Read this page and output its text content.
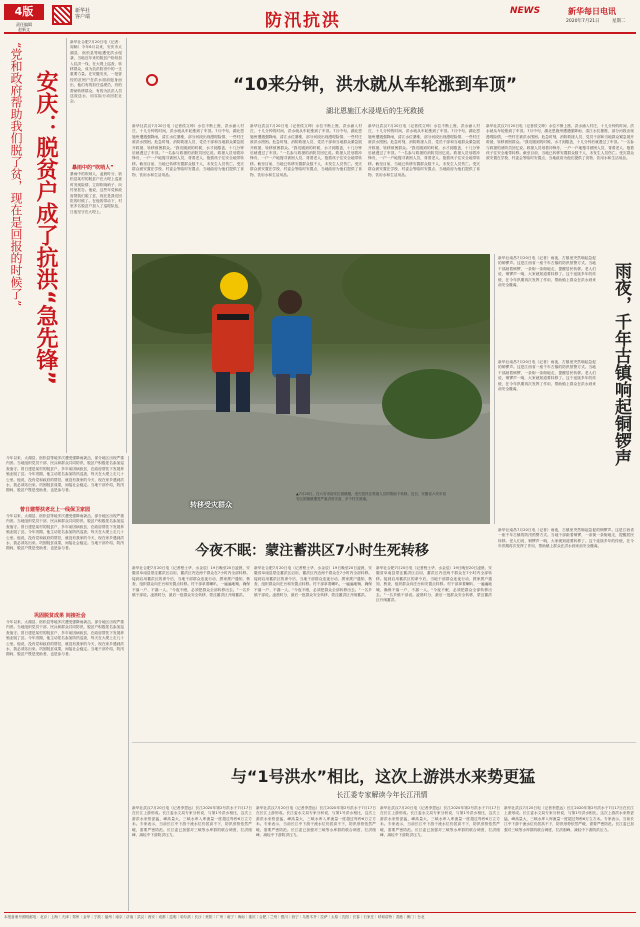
4版
责任编辑
赵新文
新华社
客户端	防汛抗洪	NEWS	新华每日电讯
2020年7月21日	星期二
“党和政府帮助我们脱了贫，现在是回报的时候了” 安庆：脱贫户成了抗洪“急先锋”
新华社合肥7月20日电（记者：周畅）今年6月以来，安庆市太湖县、宿松县等地遭受洪水侵袭，当地近年来的脱贫户纷纷加入抗洪一线，在大堤上巡查、转移群众，成为抗洪防汛中的一支重要力量。在安徽安庆，一批曾经的贫困户在洪水面前挺身而出，他们有的担任巡堤员，有的帮助转移群众，有的为抗洪人员送饭送水，用实际行动回报社会。
暴雨中的“吹哨人”
暴雨中的吹哨人，凌晨时分，宿松县某村的脱贫户在大堤上巡查时发现险情，立即吹响哨子，向村里报告。他说，这些年党和政府帮我们脱了贫，现在是我们回报的时候了。在他的带动下，村里多名脱贫户加入了巡堤队伍，日夜坚守在大堤上。
今年以来，太湖县、宿松县等地多次遭受强降雨袭击，部分地区出现严重内涝。当地组织党员干部、民兵和群众共同防汛，脱贫户积极报名参加巡查值守。曾日建是某村的脱贫户，多年前因病致贫，在政府帮扶下发展养殖业脱了贫。今年汛期，他主动报名参加防汛巡查，每天在大堤上走几十公里。他说，没有党和政府的帮扶，就没有我家的今天，现在家乡遇到洪水，我必须站出来。巩固脱贫成果，间接社会稳定。当地干部介绍，防汛期间，脱贫户既是受助者，也是参与者。
曾日建帮扶老北上一线保卫家园
今年以来，太湖县、宿松县等地多次遭受强降雨袭击，部分地区出现严重内涝。当地组织党员干部、民兵和群众共同防汛，脱贫户积极报名参加巡查值守。曾日建是某村的脱贫户，多年前因病致贫，在政府帮扶下发展养殖业脱了贫。今年汛期，他主动报名参加防汛巡查，每天在大堤上走几十公里。他说，没有党和政府的帮扶，就没有我家的今天，现在家乡遇到洪水，我必须站出来。巩固脱贫成果，间接社会稳定。当地干部介绍，防汛期间，脱贫户既是受助者，也是参与者。
巩固脱贫成果 间接社会
今年以来，太湖县、宿松县等地多次遭受强降雨袭击，部分地区出现严重内涝。当地组织党员干部、民兵和群众共同防汛，脱贫户积极报名参加巡查值守。曾日建是某村的脱贫户，多年前因病致贫，在政府帮扶下发展养殖业脱了贫。今年汛期，他主动报名参加防汛巡查，每天在大堤上走几十公里。他说，没有党和政府的帮扶，就没有我家的今天，现在家乡遇到洪水，我必须站出来。巩固脱贫成果，间接社会稳定。当地干部介绍，防汛期间，脱贫户既是受助者，也是参与者。
“10来分钟，洪水就从车轮涨到车顶”
湖北恩施江水浸堤后的生死救援
新华社武汉7月20日电（记者侯文坤）水位不断上涨，洪水涌入村庄，十几分钟的时间，洪水就从车轮涨到了车顶。7月中旬，湖北恩施州遭遇强降雨，清江水位暴涨，部分河段出现漫堤险情，一些村庄被洪水围困。危急时刻，消防救援人员、党员干部和当地群众紧急展开救援，转移被困群众。“我们刚到的时候，水才到膝盖，十几分钟后就漫过了车顶。”一名参与救援的消防员回忆说。救援人员划着冲锋舟，一户一户地搜寻被困人员，背着老人、抱着孩子往安全地带转移。截至目前，当地已转移安置群众数千人，未发生人员伤亡。受灾群众被安置在学校、村委会等临时安置点，当地政府为他们提供了食物、饮用水和生活用品。
新华社武汉7月20日电（记者侯文坤）水位不断上涨，洪水涌入村庄，十几分钟的时间，洪水就从车轮涨到了车顶。7月中旬，湖北恩施州遭遇强降雨，清江水位暴涨，部分河段出现漫堤险情，一些村庄被洪水围困。危急时刻，消防救援人员、党员干部和当地群众紧急展开救援，转移被困群众。“我们刚到的时候，水才到膝盖，十几分钟后就漫过了车顶。”一名参与救援的消防员回忆说。救援人员划着冲锋舟，一户一户地搜寻被困人员，背着老人、抱着孩子往安全地带转移。截至目前，当地已转移安置群众数千人，未发生人员伤亡。受灾群众被安置在学校、村委会等临时安置点，当地政府为他们提供了食物、饮用水和生活用品。
新华社武汉7月20日电（记者侯文坤）水位不断上涨，洪水涌入村庄，十几分钟的时间，洪水就从车轮涨到了车顶。7月中旬，湖北恩施州遭遇强降雨，清江水位暴涨，部分河段出现漫堤险情，一些村庄被洪水围困。危急时刻，消防救援人员、党员干部和当地群众紧急展开救援，转移被困群众。“我们刚到的时候，水才到膝盖，十几分钟后就漫过了车顶。”一名参与救援的消防员回忆说。救援人员划着冲锋舟，一户一户地搜寻被困人员，背着老人、抱着孩子往安全地带转移。截至目前，当地已转移安置群众数千人，未发生人员伤亡。受灾群众被安置在学校、村委会等临时安置点，当地政府为他们提供了食物、饮用水和生活用品。
新华社武汉7月20日电（记者侯文坤）水位不断上涨，洪水涌入村庄，十几分钟的时间，洪水就从车轮涨到了车顶。7月中旬，湖北恩施州遭遇强降雨，清江水位暴涨，部分河段出现漫堤险情，一些村庄被洪水围困。危急时刻，消防救援人员、党员干部和当地群众紧急展开救援，转移被困群众。“我们刚到的时候，水才到膝盖，十几分钟后就漫过了车顶。”一名参与救援的消防员回忆说。救援人员划着冲锋舟，一户一户地搜寻被困人员，背着老人、抱着孩子往安全地带转移。截至目前，当地已转移安置群众数千人，未发生人员伤亡。受灾群众被安置在学校、村委会等临时安置点，当地政府为他们提供了食物、饮用水和生活用品。
转移受灾群众
▲7月20日，在六安市裕安区固镇镇，受灾居民在救援人员的帮助下转移。近日，安徽省六安市裕安区固镇镇遭受严重洪涝灾害，多个村庄被淹。
新华社南昌7月20日电（记者）雨夜，古镇里突然响起急促的铜锣声。这是江西省一座千年古镇的防汛预警方式。当地干部敲着铜锣，一条街一条街地走，提醒居民转移。老人们说，铜锣声一响，大家就知道要转移了。这个延续多年的传统，在今年汛期再次发挥了作用，帮助镇上群众在洪水到来前安全撤离。	雨夜，千年古镇响起铜锣声
新华社南昌7月20日电（记者）雨夜，古镇里突然响起急促的铜锣声。这是江西省一座千年古镇的防汛预警方式。当地干部敲着铜锣，一条街一条街地走，提醒居民转移。老人们说，铜锣声一响，大家就知道要转移了。这个延续多年的传统，在今年汛期再次发挥了作用，帮助镇上群众在洪水到来前安全撤离。
新华社南昌7月20日电（记者）雨夜，古镇里突然响起急促的铜锣声。这是江西省一座千年古镇的防汛预警方式。当地干部敲着铜锣，一条街一条街地走，提醒居民转移。老人们说，铜锣声一响，大家就知道要转移了。这个延续多年的传统，在今年汛期再次发挥了作用，帮助镇上群众在洪水到来前安全撤离。
今夜不眠：蒙注蓄洪区7小时生死转移
新华社合肥7月20日电（记者程士华、水金辰）19日晚至20日凌晨，安徽省阜南县蒙洼蓄洪区启用，蓄洪区内近两千群众在7小时内全部转移。接到启用蓄洪区的命令后，当地干部群众连夜行动，挨家挨户通知、核查，组织群众向庄台和安置点转移。村干部拿着喇叭，一遍遍地喊，确保不落一户、不漏一人。“今夜不眠，必须把群众全部转移出去。”一名乡镇干部说。凌晨时分，最后一批群众安全转移，蒙洼蓄洪区开闸蓄洪。
新华社合肥7月20日电（记者程士华、水金辰）19日晚至20日凌晨，安徽省阜南县蒙洼蓄洪区启用，蓄洪区内近两千群众在7小时内全部转移。接到启用蓄洪区的命令后，当地干部群众连夜行动，挨家挨户通知、核查，组织群众向庄台和安置点转移。村干部拿着喇叭，一遍遍地喊，确保不落一户、不漏一人。“今夜不眠，必须把群众全部转移出去。”一名乡镇干部说。凌晨时分，最后一批群众安全转移，蒙洼蓄洪区开闸蓄洪。
新华社合肥7月20日电（记者程士华、水金辰）19日晚至20日凌晨，安徽省阜南县蒙洼蓄洪区启用，蓄洪区内近两千群众在7小时内全部转移。接到启用蓄洪区的命令后，当地干部群众连夜行动，挨家挨户通知、核查，组织群众向庄台和安置点转移。村干部拿着喇叭，一遍遍地喊，确保不落一户、不漏一人。“今夜不眠，必须把群众全部转移出去。”一名乡镇干部说。凌晨时分，最后一批群众安全转移，蒙洼蓄洪区开闸蓄洪。
与“1号洪水”相比，这次上游洪水来势更猛
长江委专家解读今年长江汛情
新华社武汉7月20日电（记者李思远）长江2020年第2号洪水于7月17日在长江上游形成。长江委水文局专家分析说，与第1号洪水相比，这次上游洪水来势更猛，峰高量大，三峡水库入库流量一度超过每秒6万立方米。专家表示，当前长江中下游干流水位仍居高不下，防汛形势依然严峻，需要严密防范。长江委已加强对三峡等水库群的联合调度，拦洪削峰，减轻中下游防洪压力。
新华社武汉7月20日电（记者李思远）长江2020年第2号洪水于7月17日在长江上游形成。长江委水文局专家分析说，与第1号洪水相比，这次上游洪水来势更猛，峰高量大，三峡水库入库流量一度超过每秒6万立方米。专家表示，当前长江中下游干流水位仍居高不下，防汛形势依然严峻，需要严密防范。长江委已加强对三峡等水库群的联合调度，拦洪削峰，减轻中下游防洪压力。
新华社武汉7月20日电（记者李思远）长江2020年第2号洪水于7月17日在长江上游形成。长江委水文局专家分析说，与第1号洪水相比，这次上游洪水来势更猛，峰高量大，三峡水库入库流量一度超过每秒6万立方米。专家表示，当前长江中下游干流水位仍居高不下，防汛形势依然严峻，需要严密防范。长江委已加强对三峡等水库群的联合调度，拦洪削峰，减轻中下游防洪压力。
新华社武汉7月20日电（记者李思远）长江2020年第2号洪水于7月17日在长江上游形成。长江委水文局专家分析说，与第1号洪水相比，这次上游洪水来势更猛，峰高量大，三峡水库入库流量一度超过每秒6万立方米。专家表示，当前长江中下游干流水位仍居高不下，防汛形势依然严峻，需要严密防范。长江委已加强对三峡等水库群的联合调度，拦洪削峰，减轻中下游防洪压力。
本报备案号照明邮电：北京｜上海｜天津｜郑州｜金华｜宁波｜福州｜南京｜济南｜武汉｜西安｜成都｜昆明｜哈尔滨｜长沙｜贵阳｜广州｜南宁｜海南｜重庆｜合肥｜兰州｜银川｜西宁｜乌鲁木齐｜拉萨｜太原｜沈阳｜长春｜石家庄｜呼和浩特｜香港｜澳门｜台北
